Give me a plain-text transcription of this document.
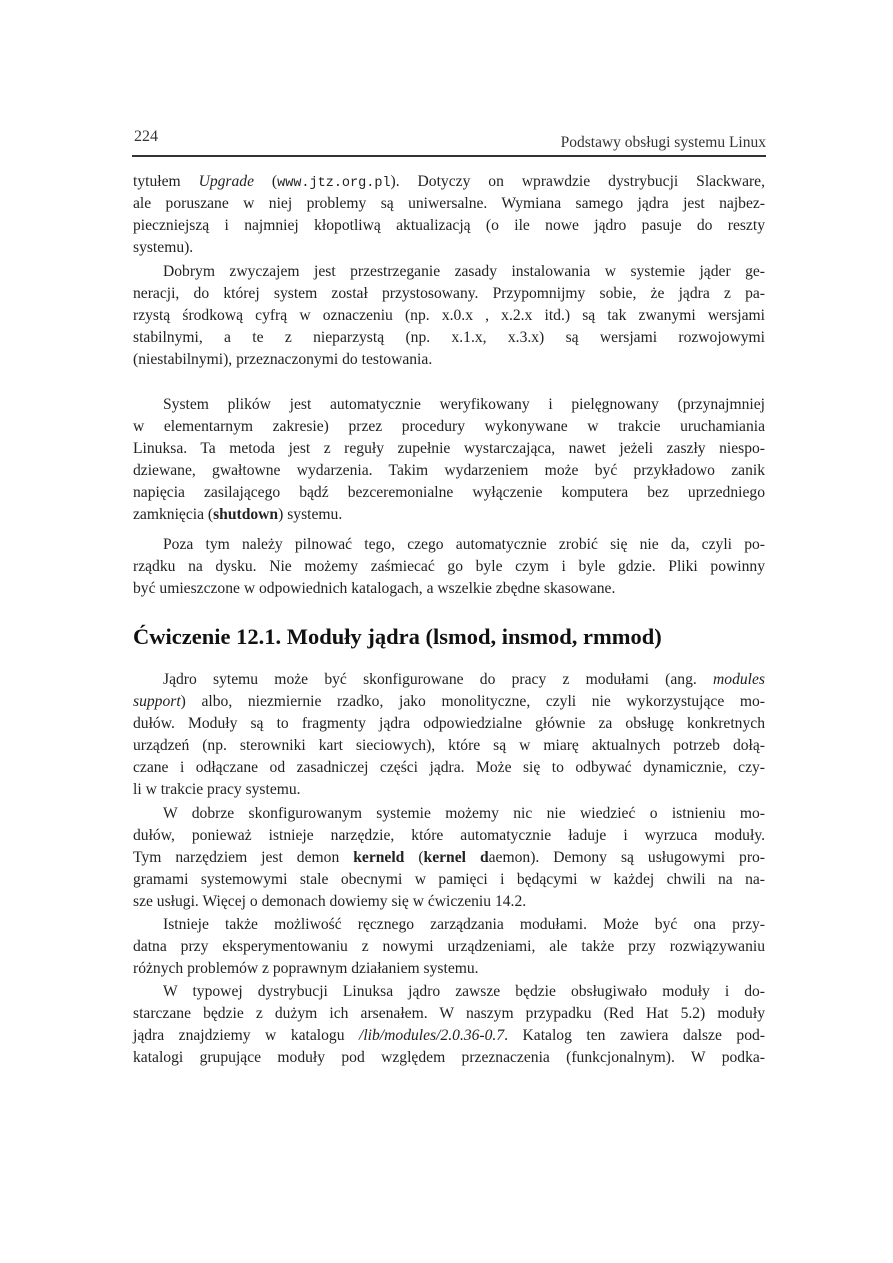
224	Podstawy obsługi systemu Linux
tytułem Upgrade (www.jtz.org.pl). Dotyczy on wprawdzie dystrybucji Slackware,
ale poruszane w niej problemy są uniwersalne. Wymiana samego jądra jest najbez-
pieczniejszą i najmniej kłopotliwą aktualizacją (o ile nowe jądro pasuje do reszty
systemu).
Dobrym zwyczajem jest przestrzeganie zasady instalowania w systemie jąder ge-
neracji, do której system został przystosowany. Przypomnijmy sobie, że jądra z pa-
rzystą środkową cyfrą w oznaczeniu (np. x.0.x , x.2.x itd.) są tak zwanymi wersjami
stabilnymi, a te z nieparzystą (np. x.1.x, x.3.x) są wersjami rozwojowymi
(niestabilnymi), przeznaczonymi do testowania.
System plików jest automatycznie weryfikowany i pielęgnowany (przynajmniej
w elementarnym zakresie) przez procedury wykonywane w trakcie uruchamiania
Linuksa. Ta metoda jest z reguły zupełnie wystarczająca, nawet jeżeli zaszły niespo-
dziewane, gwałtowne wydarzenia. Takim wydarzeniem może być przykładowo zanik
napięcia zasilającego bądź bezceremonialne wyłączenie komputera bez uprzedniego
zamknięcia (shutdown) systemu.
Poza tym należy pilnować tego, czego automatycznie zrobić się nie da, czyli po-
rządku na dysku. Nie możemy zaśmiecać go byle czym i byle gdzie. Pliki powinny
być umieszczone w odpowiednich katalogach, a wszelkie zbędne skasowane.
Jądro sytemu może być skonfigurowane do pracy z modułami (ang. modules
support) albo, niezmiernie rzadko, jako monolityczne, czyli nie wykorzystujące mo-
dułów. Moduły są to fragmenty jądra odpowiedzialne głównie za obsługę konkretnych
urządzeń (np. sterowniki kart sieciowych), które są w miarę aktualnych potrzeb dołą-
czane i odłączane od zasadniczej części jądra. Może się to odbywać dynamicznie, czy-
li w trakcie pracy systemu.
W dobrze skonfigurowanym systemie możemy nic nie wiedzieć o istnieniu mo-
dułów, ponieważ istnieje narzędzie, które automatycznie ładuje i wyrzuca moduły.
Tym narzędziem jest demon kerneld (kernel daemon). Demony są usługowymi pro-
gramami systemowymi stale obecnymi w pamięci i będącymi w każdej chwili na na-
sze usługi. Więcej o demonach dowiemy się w ćwiczeniu 14.2.
Istnieje także możliwość ręcznego zarządzania modułami. Może być ona przy-
datna przy eksperymentowaniu z nowymi urządzeniami, ale także przy rozwiązywaniu
różnych problemów z poprawnym działaniem systemu.
W typowej dystrybucji Linuksa jądro zawsze będzie obsługiwało moduły i do-
starczane będzie z dużym ich arsenałem. W naszym przypadku (Red Hat 5.2) moduły
jądra znajdziemy w katalogu /lib/modules/2.0.36-0.7. Katalog ten zawiera dalsze pod-
katalogi grupujące moduły pod względem przeznaczenia (funkcjonalnym). W podka-
Ćwiczenie 12.1. Moduły jądra (lsmod, insmod, rmmod)
